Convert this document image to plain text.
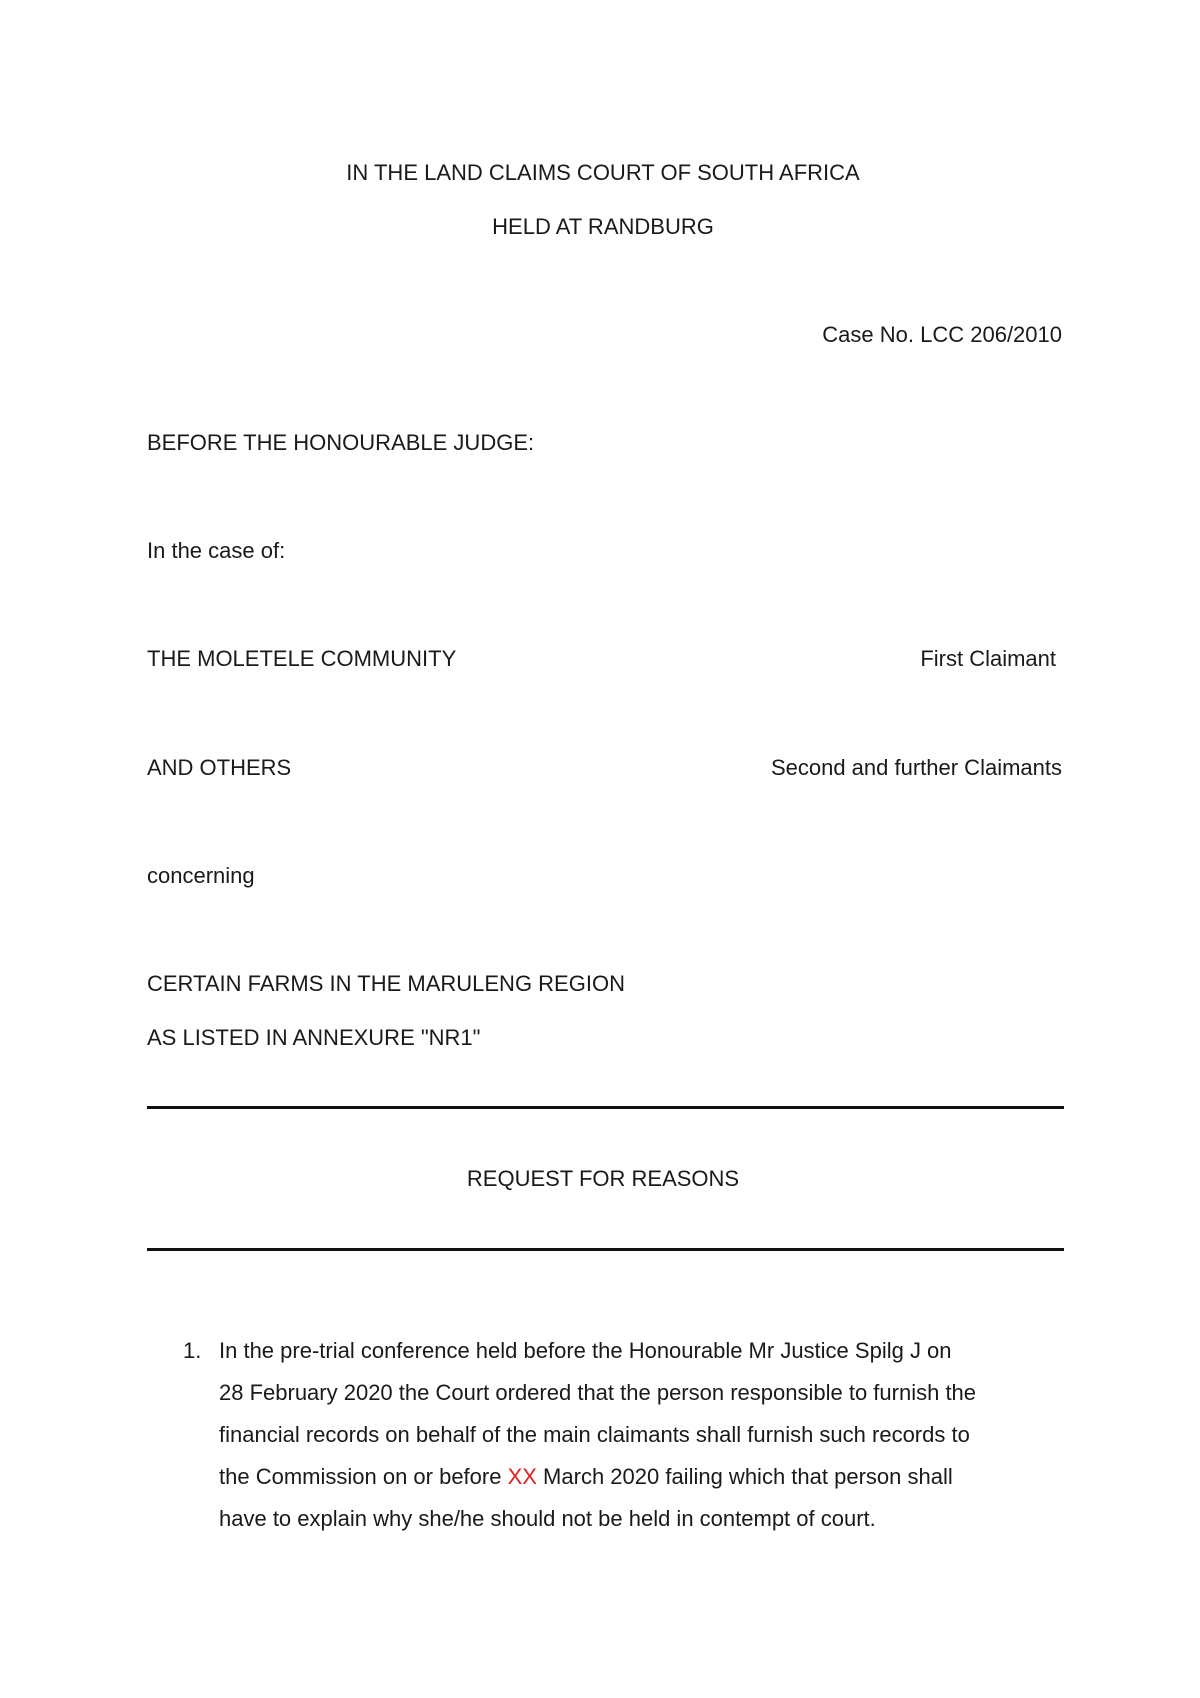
IN THE LAND CLAIMS COURT OF SOUTH AFRICA
HELD AT RANDBURG
Case No. LCC 206/2010
BEFORE THE HONOURABLE JUDGE:
In the case of:
THE MOLETELE COMMUNITY	First Claimant
AND OTHERS	Second and further Claimants
concerning
CERTAIN FARMS IN THE MARULENG REGION
AS LISTED IN ANNEXURE "NR1"
REQUEST FOR REASONS
1. In the pre-trial conference held before the Honourable Mr Justice Spilg J on
28 February 2020 the Court ordered that the person responsible to furnish the
financial records on behalf of the main claimants shall furnish such records to
the Commission on or before XX March 2020 failing which that person shall
have to explain why she/he should not be held in contempt of court.
